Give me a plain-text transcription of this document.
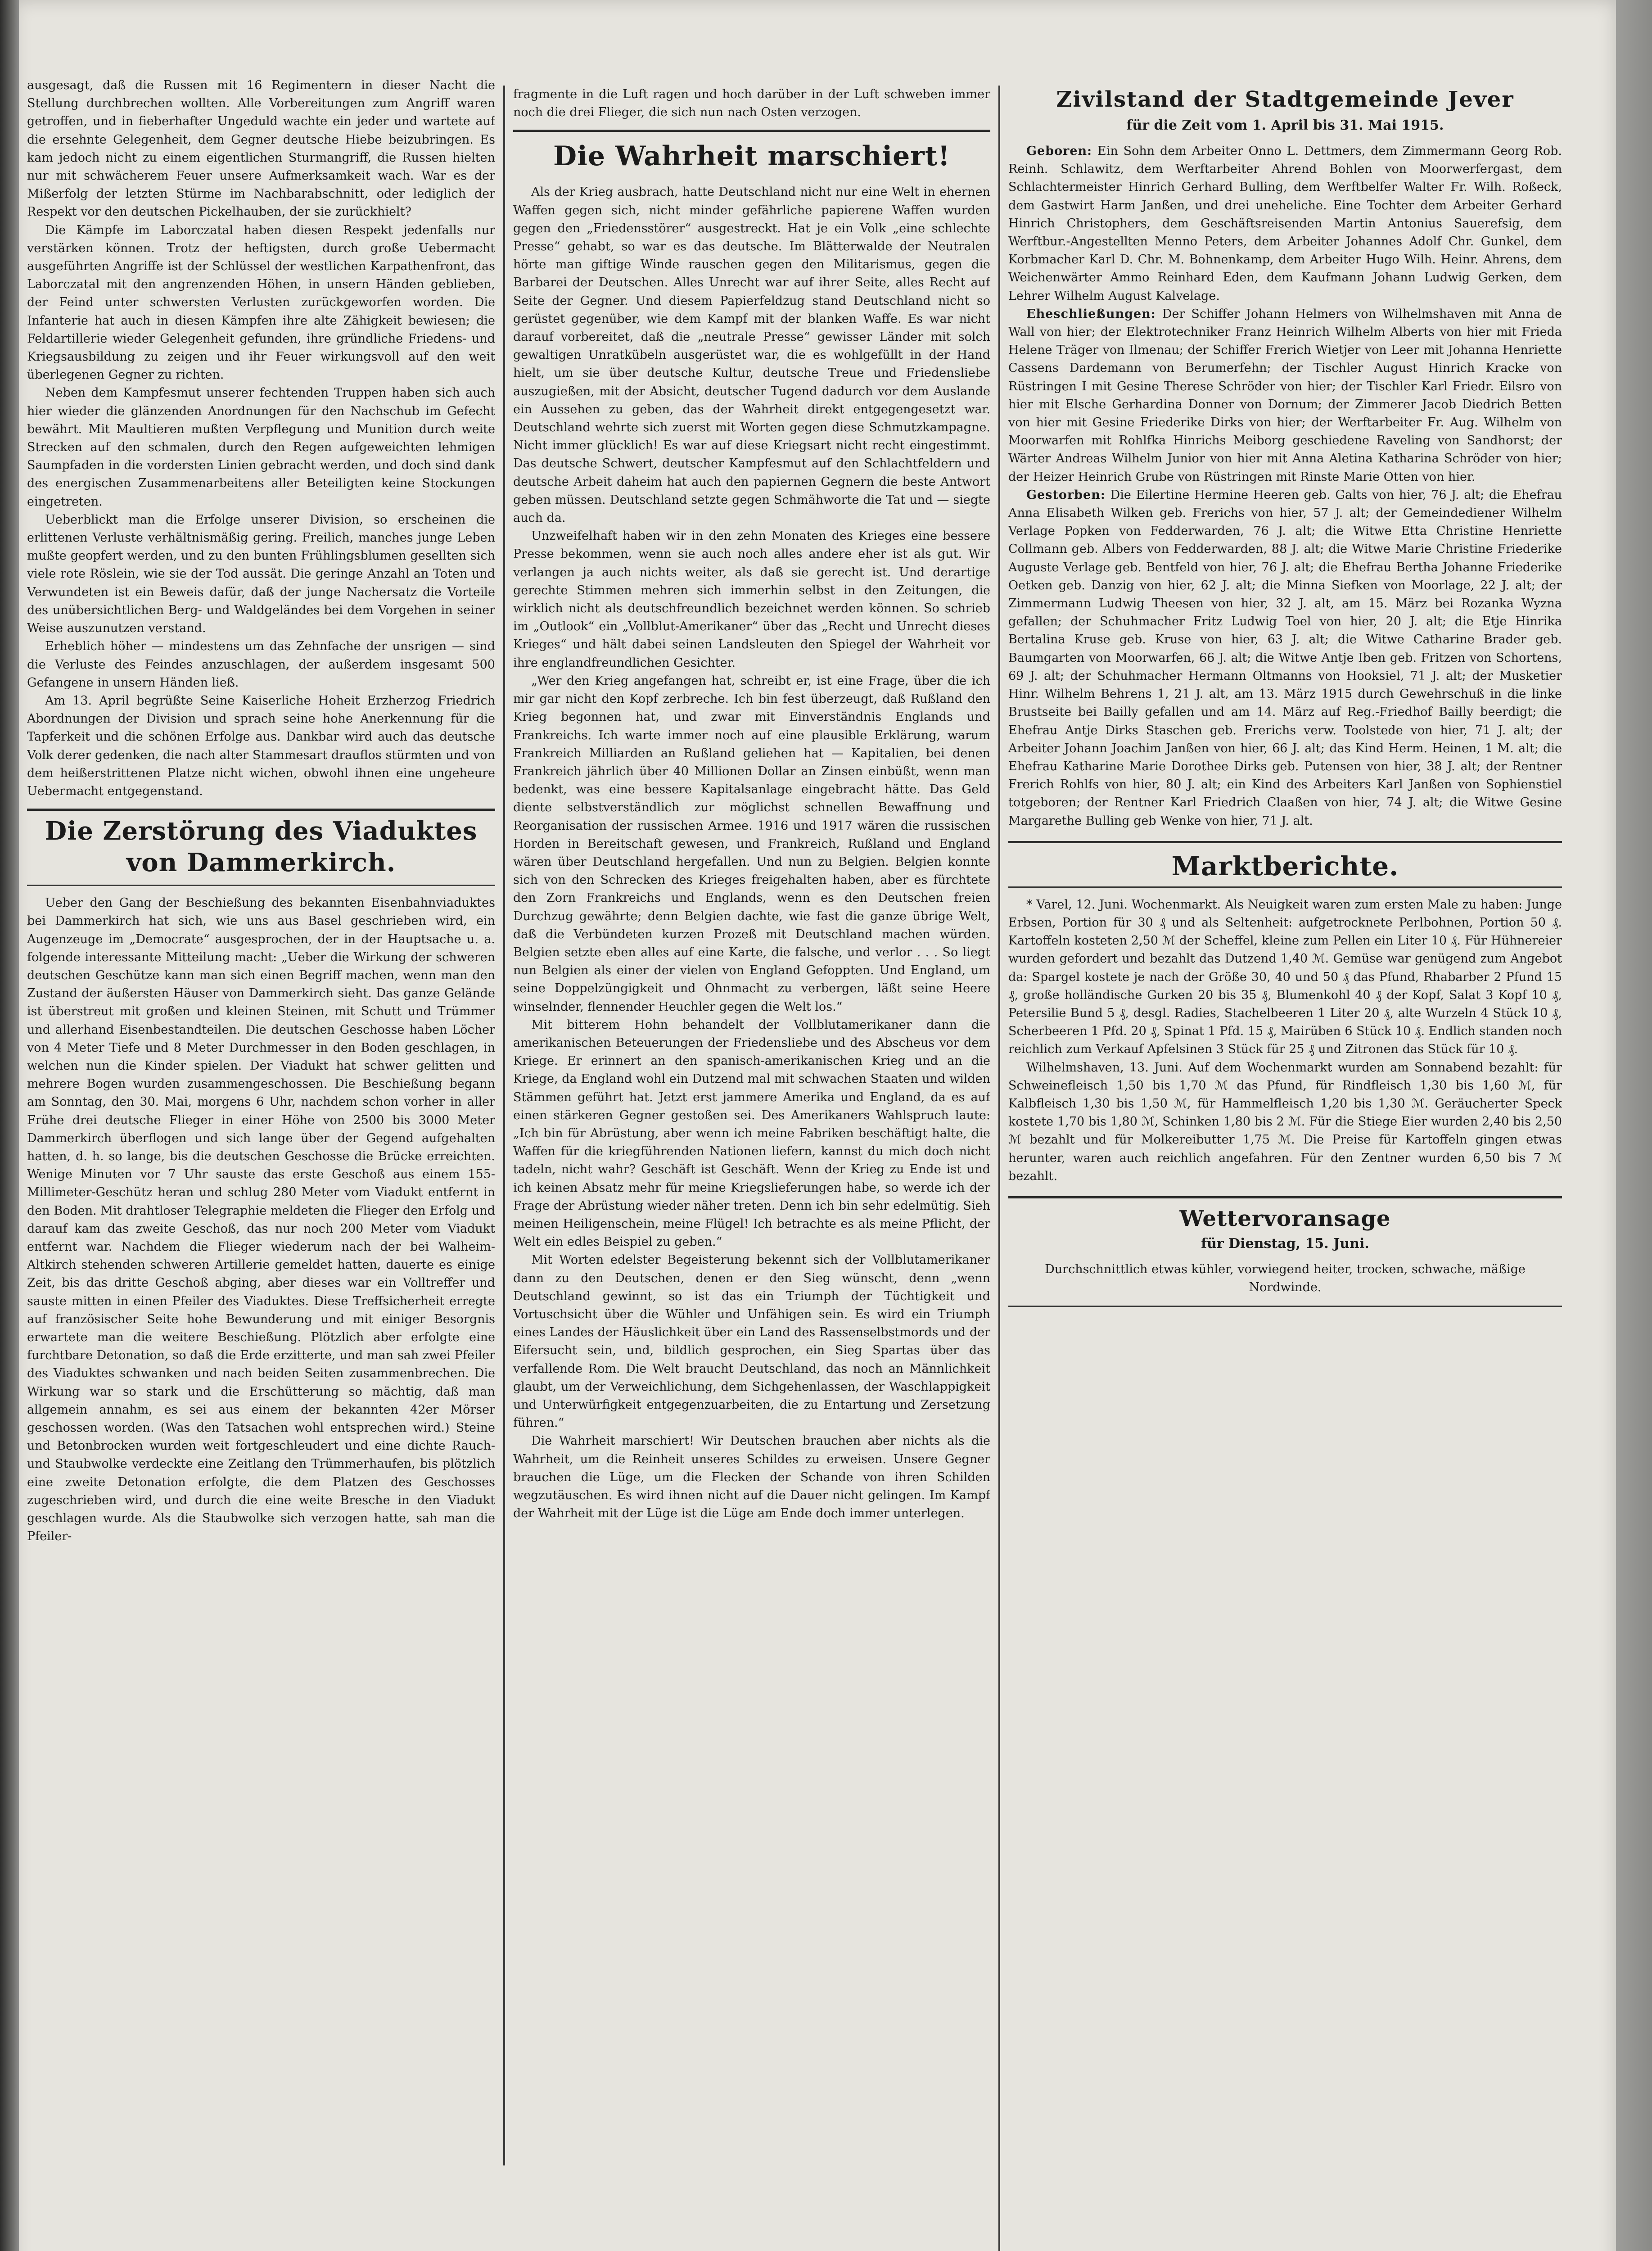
ausgesagt, daß die Russen mit 16 Regimentern in dieser Nacht die Stellung durchbrechen wollten. Alle Vorbereitungen zum Angriff waren getroffen, und in fieberhafter Ungeduld wachte ein jeder und wartete auf die ersehnte Gelegenheit, dem Gegner deutsche Hiebe beizubringen. Es kam jedoch nicht zu einem eigentlichen Sturmangriff, die Russen hielten nur mit schwächerem Feuer unsere Aufmerksamkeit wach. War es der Mißerfolg der letzten Stürme im Nachbarabschnitt, oder lediglich der Respekt vor den deutschen Pickelhauben, der sie zurückhielt?

Die Kämpfe im Laborczatal haben diesen Respekt jedenfalls nur verstärken können. Trotz der heftigsten, durch große Uebermacht ausgeführten Angriffe ist der Schlüssel der westlichen Karpathenfront, das Laborczatal mit den angrenzenden Höhen, in unsern Händen geblieben, der Feind unter schwersten Verlusten zurückgeworfen worden. Die Infanterie hat auch in diesen Kämpfen ihre alte Zähigkeit bewiesen; die Feldartillerie wieder Gelegenheit gefunden, ihre gründliche Friedens- und Kriegsausbildung zu zeigen und ihr Feuer wirkungsvoll auf den weit überlegenen Gegner zu richten.

Neben dem Kampfesmut unserer fechtenden Truppen haben sich auch hier wieder die glänzenden Anordnungen für den Nachschub im Gefecht bewährt. Mit Maultieren mußten Verpflegung und Munition durch weite Strecken auf den schmalen, durch den Regen aufgeweichten lehmigen Saumpfaden in die vordersten Linien gebracht werden, und doch sind dank des energischen Zusammenarbeitens aller Beteiligten keine Stockungen eingetreten.

Ueberblickt man die Erfolge unserer Division, so erscheinen die erlittenen Verluste verhältnismäßig gering. Freilich, manches junge Leben mußte geopfert werden, und zu den bunten Frühlingsblumen gesellten sich viele rote Röslein, wie sie der Tod aussät. Die geringe Anzahl an Toten und Verwundeten ist ein Beweis dafür, daß der junge Nachersatz die Vorteile des unübersichtlichen Berg- und Waldgeländes bei dem Vorgehen in seiner Weise auszunutzen verstand.

Erheblich höher — mindestens um das Zehnfache der unsrigen — sind die Verluste des Feindes anzuschlagen, der außerdem insgesamt 500 Gefangene in unsern Händen ließ.

Am 13. April begrüßte Seine Kaiserliche Hoheit Erzherzog Friedrich Abordnungen der Division und sprach seine hohe Anerkennung für die Tapferkeit und die schönen Erfolge aus. Dankbar wird auch das deutsche Volk derer gedenken, die nach alter Stammesart drauflos stürmten und von dem heißerstrittenen Platze nicht wichen, obwohl ihnen eine ungeheure Uebermacht entgegenstand.

Die Zerstörung des Viaduktes von Dammerkirch.

Ueber den Gang der Beschießung des bekannten Eisenbahnviaduktes bei Dammerkirch hat sich, wie uns aus Basel geschrieben wird, ein Augenzeuge im „Democrate“ ausgesprochen, der in der Hauptsache u. a. folgende interessante Mitteilung macht: „Ueber die Wirkung der schweren deutschen Geschütze kann man sich einen Begriff machen, wenn man den Zustand der äußersten Häuser von Dammerkirch sieht. Das ganze Gelände ist überstreut mit großen und kleinen Steinen, mit Schutt und Trümmer und allerhand Eisenbestandteilen. Die deutschen Geschosse haben Löcher von 4 Meter Tiefe und 8 Meter Durchmesser in den Boden geschlagen, in welchen nun die Kinder spielen. Der Viadukt hat schwer gelitten und mehrere Bogen wurden zusammengeschossen. Die Beschießung begann am Sonntag, den 30. Mai, morgens 6 Uhr, nachdem schon vorher in aller Frühe drei deutsche Flieger in einer Höhe von 2500 bis 3000 Meter Dammerkirch überflogen und sich lange über der Gegend aufgehalten hatten, d. h. so lange, bis die deutschen Geschosse die Brücke erreichten. Wenige Minuten vor 7 Uhr sauste das erste Geschoß aus einem 155-Millimeter-Geschütz heran und schlug 280 Meter vom Viadukt entfernt in den Boden. Mit drahtloser Telegraphie meldeten die Flieger den Erfolg und darauf kam das zweite Geschoß, das nur noch 200 Meter vom Viadukt entfernt war. Nachdem die Flieger wiederum nach der bei Walheim-Altkirch stehenden schweren Artillerie gemeldet hatten, dauerte es einige Zeit, bis das dritte Geschoß abging, aber dieses war ein Volltreffer und sauste mitten in einen Pfeiler des Viaduktes. Diese Treffsicherheit erregte auf französischer Seite hohe Bewunderung und mit einiger Besorgnis erwartete man die weitere Beschießung. Plötzlich aber erfolgte eine furchtbare Detonation, so daß die Erde erzitterte, und man sah zwei Pfeiler des Viaduktes schwanken und nach beiden Seiten zusammenbrechen. Die Wirkung war so stark und die Erschütterung so mächtig, daß man allgemein annahm, es sei aus einem der bekannten 42er Mörser geschossen worden. (Was den Tatsachen wohl entsprechen wird.) Steine und Betonbrocken wurden weit fortgeschleudert und eine dichte Rauch- und Staubwolke verdeckte eine Zeitlang den Trümmerhaufen, bis plötzlich eine zweite Detonation erfolgte, die dem Platzen des Geschosses zugeschrieben wird, und durch die eine weite Bresche in den Viadukt geschlagen wurde. Als die Staubwolke sich verzogen hatte, sah man die Pfeiler-

fragmente in die Luft ragen und hoch darüber in der Luft schweben immer noch die drei Flieger, die sich nun nach Osten verzogen.

Die Wahrheit marschiert!

Als der Krieg ausbrach, hatte Deutschland nicht nur eine Welt in ehernen Waffen gegen sich, nicht minder gefährliche papierene Waffen wurden gegen den „Friedensstörer“ ausgestreckt. Hat je ein Volk „eine schlechte Presse“ gehabt, so war es das deutsche. Im Blätterwalde der Neutralen hörte man giftige Winde rauschen gegen den Militarismus, gegen die Barbarei der Deutschen. Alles Unrecht war auf ihrer Seite, alles Recht auf Seite der Gegner. Und diesem Papierfeldzug stand Deutschland nicht so gerüstet gegenüber, wie dem Kampf mit der blanken Waffe. Es war nicht darauf vorbereitet, daß die „neutrale Presse“ gewisser Länder mit solch gewaltigen Unratkübeln ausgerüstet war, die es wohlgefüllt in der Hand hielt, um sie über deutsche Kultur, deutsche Treue und Friedensliebe auszugießen, mit der Absicht, deutscher Tugend dadurch vor dem Auslande ein Aussehen zu geben, das der Wahrheit direkt entgegengesetzt war. Deutschland wehrte sich zuerst mit Worten gegen diese Schmutzkampagne. Nicht immer glücklich! Es war auf diese Kriegsart nicht recht eingestimmt. Das deutsche Schwert, deutscher Kampfesmut auf den Schlachtfeldern und deutsche Arbeit daheim hat auch den papiernen Gegnern die beste Antwort geben müssen. Deutschland setzte gegen Schmähworte die Tat und — siegte auch da.

Unzweifelhaft haben wir in den zehn Monaten des Krieges eine bessere Presse bekommen, wenn sie auch noch alles andere eher ist als gut. Wir verlangen ja auch nichts weiter, als daß sie gerecht ist. Und derartige gerechte Stimmen mehren sich immerhin selbst in den Zeitungen, die wirklich nicht als deutschfreundlich bezeichnet werden können. So schrieb im „Outlook“ ein „Vollblut-Amerikaner“ über das „Recht und Unrecht dieses Krieges“ und hält dabei seinen Landsleuten den Spiegel der Wahrheit vor ihre englandfreundlichen Gesichter.

„Wer den Krieg angefangen hat, schreibt er, ist eine Frage, über die ich mir gar nicht den Kopf zerbreche. Ich bin fest überzeugt, daß Rußland den Krieg begonnen hat, und zwar mit Einverständnis Englands und Frankreichs. Ich warte immer noch auf eine plausible Erklärung, warum Frankreich Milliarden an Rußland geliehen hat — Kapitalien, bei denen Frankreich jährlich über 40 Millionen Dollar an Zinsen einbüßt, wenn man bedenkt, was eine bessere Kapitalsanlage eingebracht hätte. Das Geld diente selbstverständlich zur möglichst schnellen Bewaffnung und Reorganisation der russischen Armee. 1916 und 1917 wären die russischen Horden in Bereitschaft gewesen, und Frankreich, Rußland und England wären über Deutschland hergefallen. Und nun zu Belgien. Belgien konnte sich von den Schrecken des Krieges freigehalten haben, aber es fürchtete den Zorn Frankreichs und Englands, wenn es den Deutschen freien Durchzug gewährte; denn Belgien dachte, wie fast die ganze übrige Welt, daß die Verbündeten kurzen Prozeß mit Deutschland machen würden. Belgien setzte eben alles auf eine Karte, die falsche, und verlor . . . So liegt nun Belgien als einer der vielen von England Gefoppten. Und England, um seine Doppelzüngigkeit und Ohnmacht zu verbergen, läßt seine Heere winselnder, flennender Heuchler gegen die Welt los.“

Mit bitterem Hohn behandelt der Vollblutamerikaner dann die amerikanischen Beteuerungen der Friedensliebe und des Abscheus vor dem Kriege. Er erinnert an den spanisch-amerikanischen Krieg und an die Kriege, da England wohl ein Dutzend mal mit schwachen Staaten und wilden Stämmen geführt hat. Jetzt erst jammere Amerika und England, da es auf einen stärkeren Gegner gestoßen sei. Des Amerikaners Wahlspruch laute: „Ich bin für Abrüstung, aber wenn ich meine Fabriken beschäftigt halte, die Waffen für die kriegführenden Nationen liefern, kannst du mich doch nicht tadeln, nicht wahr? Geschäft ist Geschäft. Wenn der Krieg zu Ende ist und ich keinen Absatz mehr für meine Kriegslieferungen habe, so werde ich der Frage der Abrüstung wieder näher treten. Denn ich bin sehr edelmütig. Sieh meinen Heiligenschein, meine Flügel! Ich betrachte es als meine Pflicht, der Welt ein edles Beispiel zu geben.“

Mit Worten edelster Begeisterung bekennt sich der Vollblutamerikaner dann zu den Deutschen, denen er den Sieg wünscht, denn „wenn Deutschland gewinnt, so ist das ein Triumph der Tüchtigkeit und Vortuschsicht über die Wühler und Unfähigen sein. Es wird ein Triumph eines Landes der Häuslichkeit über ein Land des Rassenselbstmords und der Eifersucht sein, und, bildlich gesprochen, ein Sieg Spartas über das verfallende Rom. Die Welt braucht Deutschland, das noch an Männlichkeit glaubt, um der Verweichlichung, dem Sichgehenlassen, der Waschlappigkeit und Unterwürfigkeit entgegenzuarbeiten, die zu Entartung und Zersetzung führen.“

Die Wahrheit marschiert! Wir Deutschen brauchen aber nichts als die Wahrheit, um die Reinheit unseres Schildes zu erweisen. Unsere Gegner brauchen die Lüge, um die Flecken der Schande von ihren Schilden wegzutäuschen. Es wird ihnen nicht auf die Dauer nicht gelingen. Im Kampf der Wahrheit mit der Lüge ist die Lüge am Ende doch immer unterlegen.

Zivilstand der Stadtgemeinde Jever
für die Zeit vom 1. April bis 31. Mai 1915.

Geboren: Ein Sohn dem Arbeiter Onno L. Dettmers, dem Zimmermann Georg Rob. Reinh. Schlawitz, dem Werftarbeiter Ahrend Bohlen von Moorwerfergast, dem Schlachtermeister Hinrich Gerhard Bulling, dem Werftbelfer Walter Fr. Wilh. Roßeck, dem Gastwirt Harm Janßen, und drei uneheliche. Eine Tochter dem Arbeiter Gerhard Hinrich Christophers, dem Geschäftsreisenden Martin Antonius Sauerefsig, dem Werftbur.-Angestellten Menno Peters, dem Arbeiter Johannes Adolf Chr. Gunkel, dem Korbmacher Karl D. Chr. M. Bohnenkamp, dem Arbeiter Hugo Wilh. Heinr. Ahrens, dem Weichenwärter Ammo Reinhard Eden, dem Kaufmann Johann Ludwig Gerken, dem Lehrer Wilhelm August Kalvelage.

Eheschließungen: Der Schiffer Johann Helmers von Wilhelmshaven mit Anna de Wall von hier; der Elektrotechniker Franz Heinrich Wilhelm Alberts von hier mit Frieda Helene Träger von Ilmenau; der Schiffer Frerich Wietjer von Leer mit Johanna Henriette Cassens Dardemann von Berumerfehn; der Tischler August Hinrich Kracke von Rüstringen I mit Gesine Therese Schröder von hier; der Tischler Karl Friedr. Eilsro von hier mit Elsche Gerhardina Donner von Dornum; der Zimmerer Jacob Diedrich Betten von hier mit Gesine Friederike Dirks von hier; der Werftarbeiter Fr. Aug. Wilhelm von Moorwarfen mit Rohlfka Hinrichs Meiborg geschiedene Raveling von Sandhorst; der Wärter Andreas Wilhelm Junior von hier mit Anna Aletina Katharina Schröder von hier; der Heizer Heinrich Grube von Rüstringen mit Rinste Marie Otten von hier.

Gestorben: Die Eilertine Hermine Heeren geb. Galts von hier, 76 J. alt; die Ehefrau Anna Elisabeth Wilken geb. Frerichs von hier, 57 J. alt; der Gemeindediener Wilhelm Verlage Popken von Fedderwarden, 76 J. alt; die Witwe Etta Christine Henriette Collmann geb. Albers von Fedderwarden, 88 J. alt; die Witwe Marie Christine Friederike Auguste Verlage geb. Bentfeld von hier, 76 J. alt; die Ehefrau Bertha Johanne Friederike Oetken geb. Danzig von hier, 62 J. alt; die Minna Siefken von Moorlage, 22 J. alt; der Zimmermann Ludwig Theesen von hier, 32 J. alt, am 15. März bei Rozanka Wyzna gefallen; der Schuhmacher Fritz Ludwig Toel von hier, 20 J. alt; die Etje Hinrika Bertalina Kruse geb. Kruse von hier, 63 J. alt; die Witwe Catharine Brader geb. Baumgarten von Moorwarfen, 66 J. alt; die Witwe Antje Iben geb. Fritzen von Schortens, 69 J. alt; der Schuhmacher Hermann Oltmanns von Hooksiel, 71 J. alt; der Musketier Hinr. Wilhelm Behrens 1, 21 J. alt, am 13. März 1915 durch Gewehrschuß in die linke Brustseite bei Bailly gefallen und am 14. März auf Reg.-Friedhof Bailly beerdigt; die Ehefrau Antje Dirks Staschen geb. Frerichs verw. Toolstede von hier, 71 J. alt; der Arbeiter Johann Joachim Janßen von hier, 66 J. alt; das Kind Herm. Heinen, 1 M. alt; die Ehefrau Katharine Marie Dorothee Dirks geb. Putensen von hier, 38 J. alt; der Rentner Frerich Rohlfs von hier, 80 J. alt; ein Kind des Arbeiters Karl Janßen von Sophienstiel totgeboren; der Rentner Karl Friedrich Claaßen von hier, 74 J. alt; die Witwe Gesine Margarethe Bulling geb Wenke von hier, 71 J. alt.

Marktberichte.

* Varel, 12. Juni. Wochenmarkt. Als Neuigkeit waren zum ersten Male zu haben: Junge Erbsen, Portion für 30 ₰ und als Seltenheit: aufgetrocknete Perlbohnen, Portion 50 ₰. Kartoffeln kosteten 2,50 ℳ der Scheffel, kleine zum Pellen ein Liter 10 ₰. Für Hühnereier wurden gefordert und bezahlt das Dutzend 1,40 ℳ. Gemüse war genügend zum Angebot da: Spargel kostete je nach der Größe 30, 40 und 50 ₰ das Pfund, Rhabarber 2 Pfund 15 ₰, große holländische Gurken 20 bis 35 ₰, Blumenkohl 40 ₰ der Kopf, Salat 3 Kopf 10 ₰, Petersilie Bund 5 ₰, desgl. Radies, Stachelbeeren 1 Liter 20 ₰, alte Wurzeln 4 Stück 10 ₰, Scherbeeren 1 Pfd. 20 ₰, Spinat 1 Pfd. 15 ₰, Mairüben 6 Stück 10 ₰. Endlich standen noch reichlich zum Verkauf Apfelsinen 3 Stück für 25 ₰ und Zitronen das Stück für 10 ₰.

Wilhelmshaven, 13. Juni. Auf dem Wochenmarkt wurden am Sonnabend bezahlt: für Schweinefleisch 1,50 bis 1,70 ℳ das Pfund, für Rindfleisch 1,30 bis 1,60 ℳ, für Kalbfleisch 1,30 bis 1,50 ℳ, für Hammelfleisch 1,20 bis 1,30 ℳ. Geräucherter Speck kostete 1,70 bis 1,80 ℳ, Schinken 1,80 bis 2 ℳ. Für die Stiege Eier wurden 2,40 bis 2,50 ℳ bezahlt und für Molkereibutter 1,75 ℳ. Die Preise für Kartoffeln gingen etwas herunter, waren auch reichlich angefahren. Für den Zentner wurden 6,50 bis 7 ℳ bezahlt.

Wettervoransage
für Dienstag, 15. Juni.

Durchschnittlich etwas kühler, vorwiegend heiter, trocken, schwache, mäßige Nordwinde.
